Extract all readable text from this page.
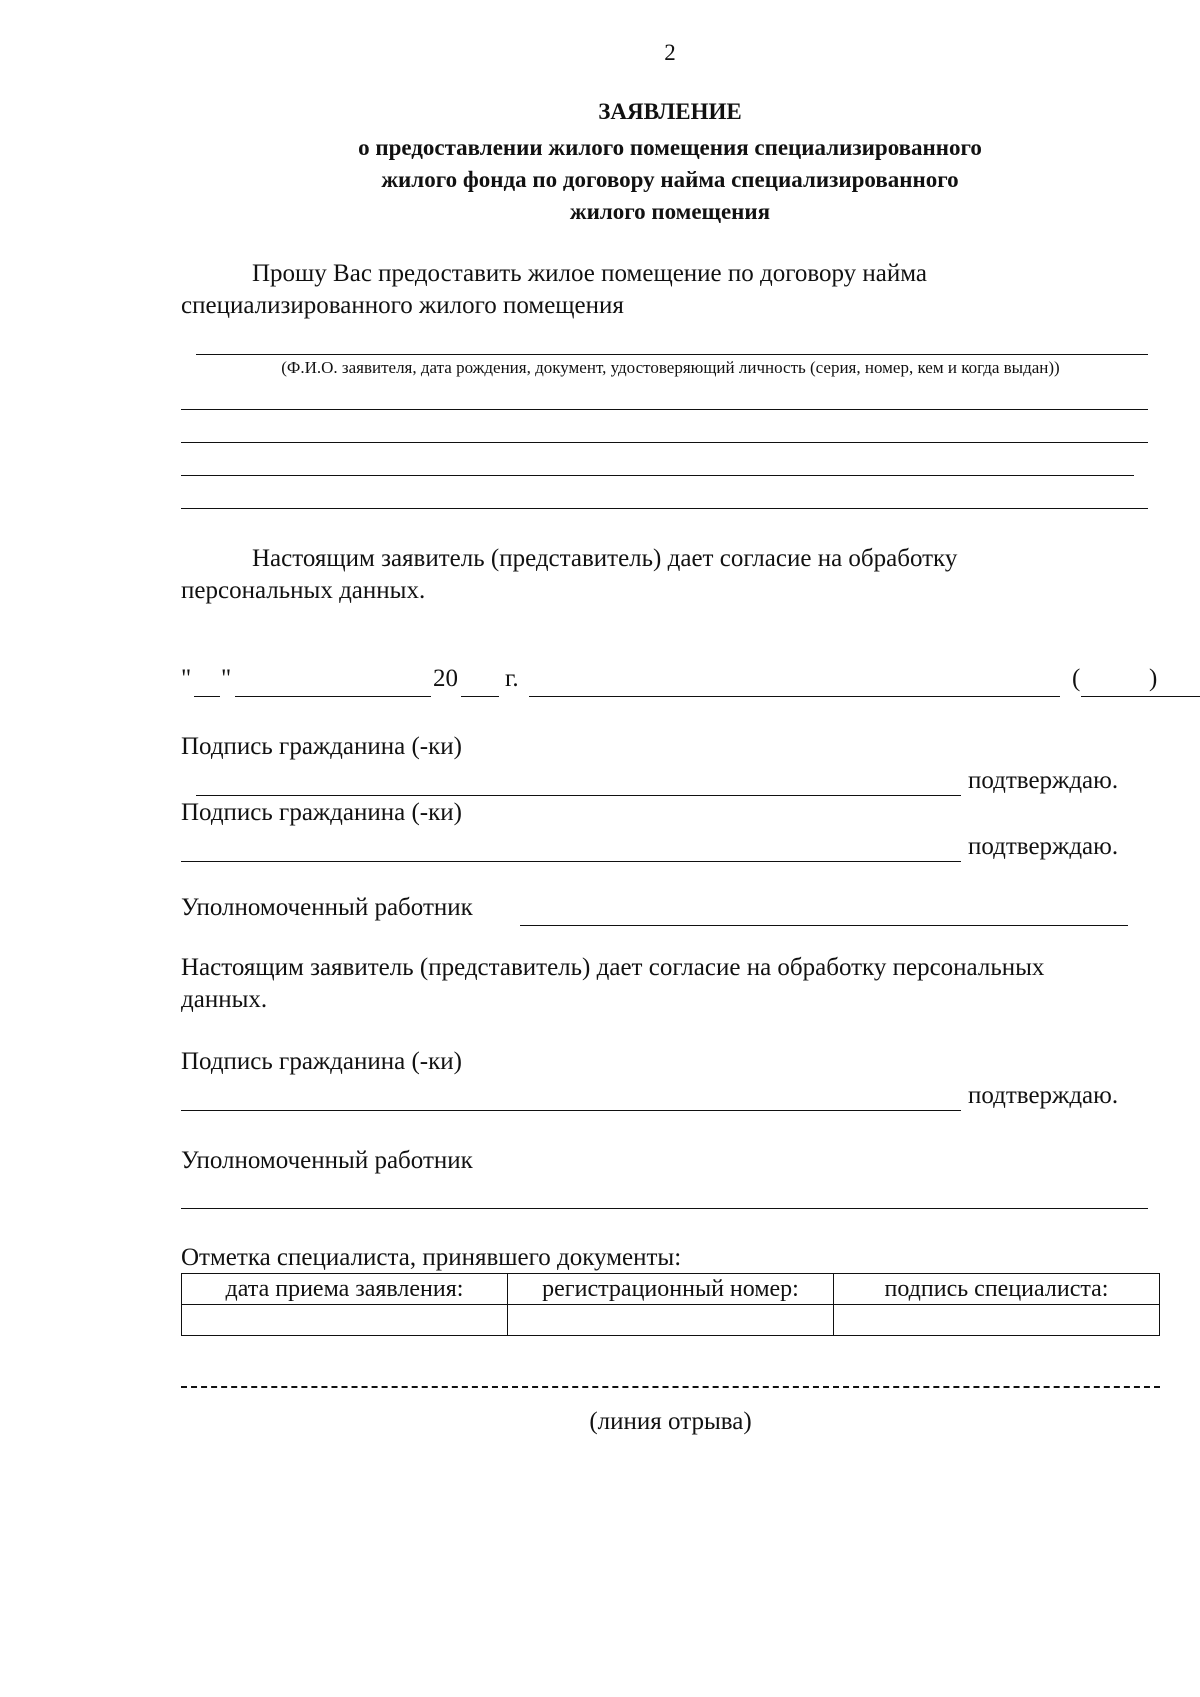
2
ЗАЯВЛЕНИЕ
о предоставлении жилого помещения специализированного
жилого фонда по договору найма специализированного
жилого помещения
Прошу Вас предоставить жилое помещение по договору найма
специализированного жилого помещения
(Ф.И.О. заявителя, дата рождения, документ, удостоверяющий личность (серия, номер, кем и когда выдан))
Настоящим заявитель (представитель) дает согласие на обработку
персональных данных.
" "	20 г.	(	)
Подпись гражданина (-ки)
подтверждаю.
Подпись гражданина (-ки)
подтверждаю.
Уполномоченный работник
Настоящим заявитель (представитель) дает согласие на обработку персональных
данных.
Подпись гражданина (-ки)
подтверждаю.
Уполномоченный работник
Отметка специалиста, принявшего документы:
дата приема заявления:	регистрационный номер:	подпись специалиста:

(линия отрыва)
